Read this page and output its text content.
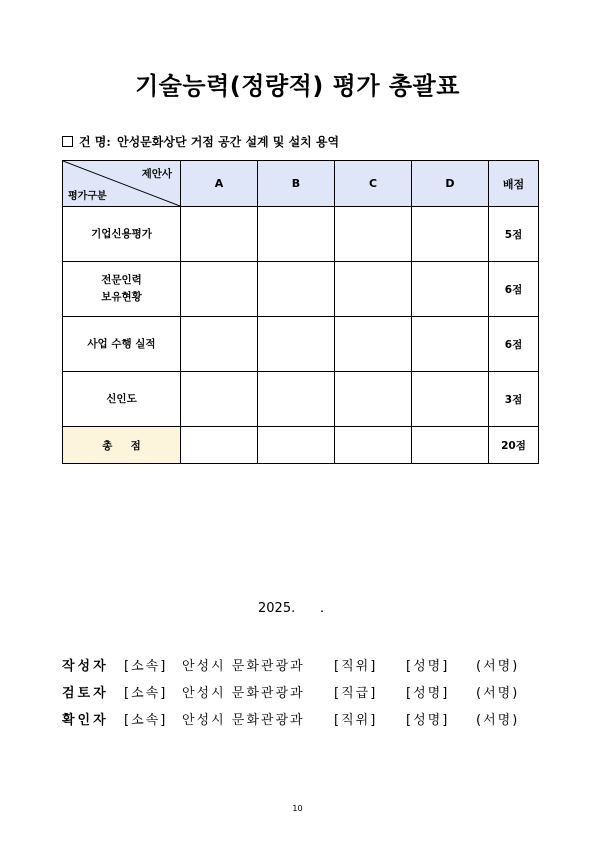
기술능력(정량적) 평가 총괄표
건 명: 안성문화상단 거점 공간 설계 및 설치 용역
제안사
평가구분	A	B	C	D	배점
기업신용평가					5점

전문인력
보유현황					6점
사업 수행 실적					6점
신인도					3점
총     점					20점
2025.      .
작성자	[소속]	안성시 문화관광과	[직위]	[성명]	(서명)
검토자	[소속]	안성시 문화관광과	[직급]	[성명]	(서명)
확인자	[소속]	안성시 문화관광과	[직위]	[성명]	(서명)
10
